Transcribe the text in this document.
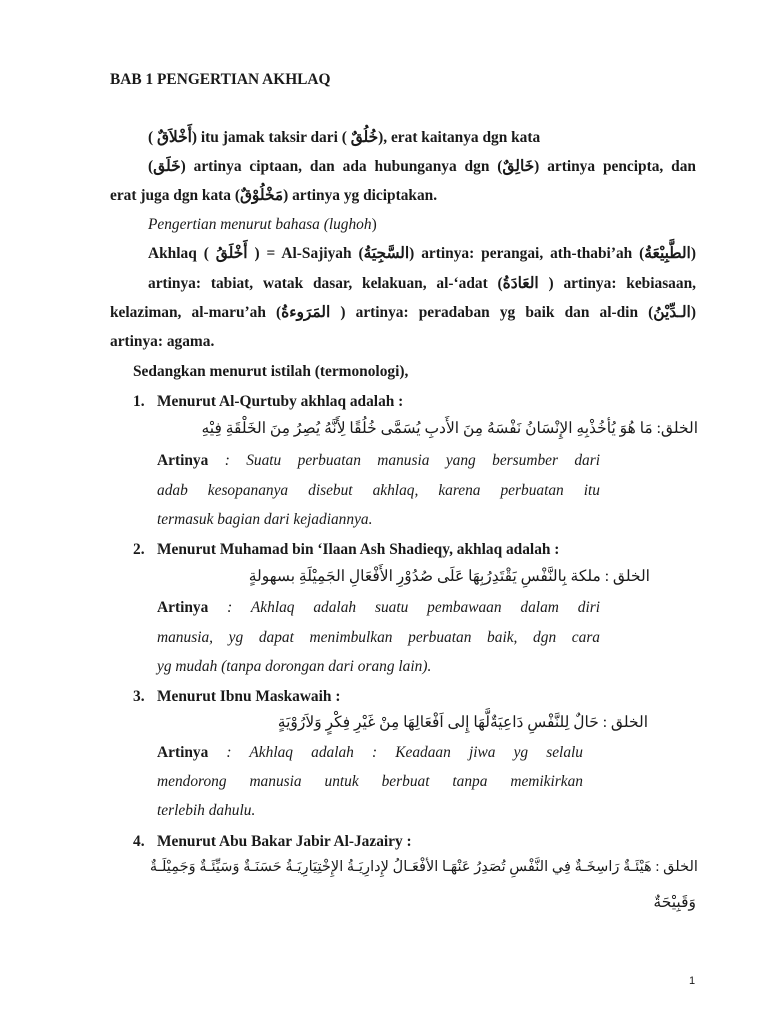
BAB 1 PENGERTIAN AKHLAQ
( أَخْلاَقٌ) itu jamak taksir dari ( خُلُقٌ), erat kaitanya dgn kata
(خَلَق) artinya ciptaan, dan ada hubunganya dgn (خَالِقٌ) artinya pencipta, dan
erat juga dgn kata (مَخْلُوْقٌ) artinya yg diciptakan.
Pengertian menurut bahasa (lughoh)
Akhlaq ( أَخْلَقُ ) = Al-Sajiyah (السَّجِيَةُ) artinya: perangai, ath-thabi’ah (الطَّبِيْعَةُ)
artinya: tabiat, watak dasar, kelakuan, al-‘adat (العَادَةُ ) artinya: kebiasaan,
kelaziman, al-maru’ah (المَرَوءةُ ) artinya: peradaban yg baik dan al-din (الـدِّيْنُ)
artinya: agama.
Sedangkan menurut istilah (termonologi),
1. Menurut Al-Qurtuby akhlaq adalah :
الخلق: مَا هُوَ يُأخُذْبِهِ الإِنْسَانُ نَفْسَهُ مِنَ الأَدبِ يُسَمَّى خُلُقًا لِأَنَّهُ يُصِرُ مِنَ الخَلْقَةِ فِيْهِ
Artinya : Suatu perbuatan manusia yang bersumber dari
adab kesopananya disebut akhlaq, karena perbuatan itu
termasuk bagian dari kejadiannya.
2. Menurut Muhamad bin ‘Ilaan Ash Shadieqy, akhlaq adalah :
الخلق : ملكة بِالنَّفْسِ يَقْتَدِرُبِهَا عَلَى صُدُوْرِ الأَفْعَالِ الجَمِيْلَةِ بسهولةٍ
Artinya : Akhlaq adalah suatu pembawaan dalam diri
manusia, yg dapat menimbulkan perbuatan baik, dgn cara
yg mudah (tanpa dorongan dari orang lain).
3. Menurut Ibnu Maskawaih :
الخلق : حَالٌ لِلنَّفْسِ دَاعِيَةٌلَّهَا إِلى اَفْعَالِهَا مِنْ غَيْرِ فِكْرٍ وَلاَرُوْيَةٍ
Artinya : Akhlaq adalah : Keadaan jiwa yg selalu
mendorong manusia untuk berbuat tanpa memikirkan
terlebih dahulu.
4. Menurut Abu Bakar Jabir Al-Jazairy :
الخلق : هَيْئَـةٌ رَاسِخَـةٌ فِي النَّفْسِ تُصَدِرُ عَنْهَـا الأفْعَـالُ لإِدارِيَـةُ الإِخْتِيَارِيَـةُ حَسَنَـةٌ وَسَيِّئَـةٌ وَجَمِيْلَـةٌ
وَقَبِيْحَةٌ
1
